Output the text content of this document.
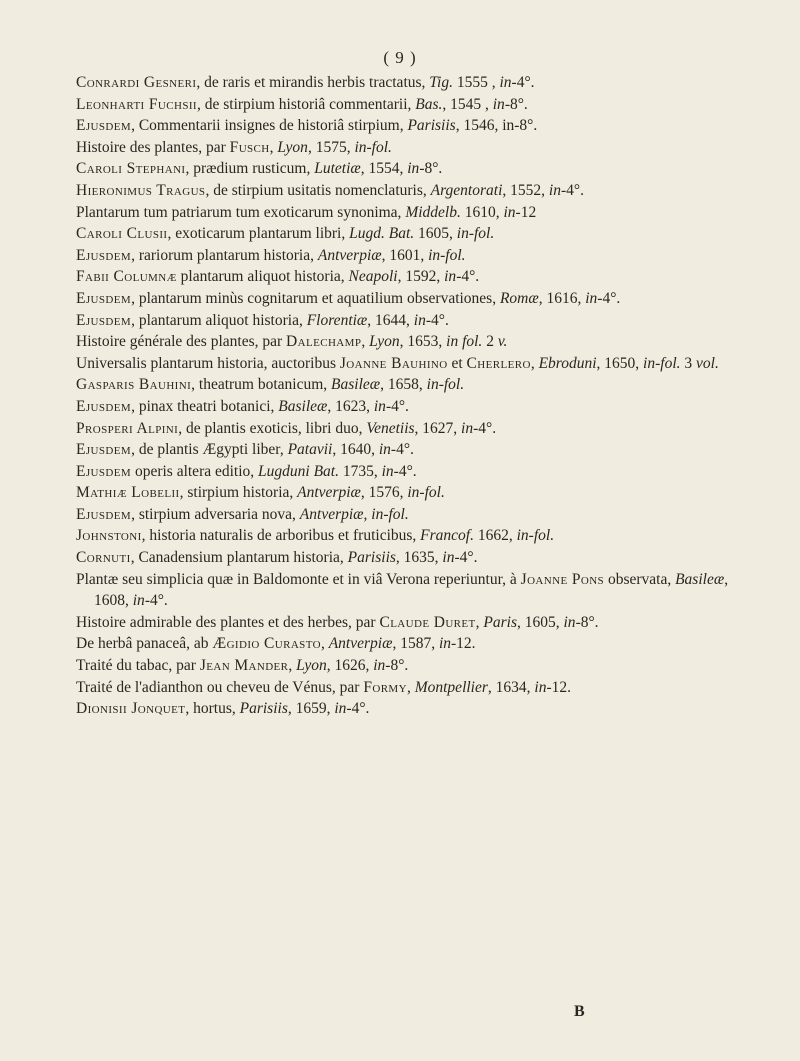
( 9 )

Conrardi Gesneri, de raris et mirandis herbis tractatus, Tig. 1555 , in-4°.

Leonharti Fuchsii, de stirpium historiâ commentarii, Bas., 1545 , in-8°.

Ejusdem, Commentarii insignes de historiâ stirpium, Parisiis, 1546, in-8°.

Histoire des plantes, par Fusch, Lyon, 1575, in-fol.

Caroli Stephani, prædium rusticum, Lutetiæ, 1554, in-8°.

Hieronimus Tragus, de stirpium usitatis nomenclaturis, Argentorati, 1552, in-4°.

Plantarum tum patriarum tum exoticarum synonima, Middelb. 1610, in-12

Caroli Clusii, exoticarum plantarum libri, Lugd. Bat. 1605, in-fol.

Ejusdem, rariorum plantarum historia, Antverpiæ, 1601, in-fol.

Fabii Columnæ plantarum aliquot historia, Neapoli, 1592, in-4°.

Ejusdem, plantarum minùs cognitarum et aquatilium observationes, Romæ, 1616, in-4°.

Ejusdem, plantarum aliquot historia, Florentiæ, 1644, in-4°.

Histoire générale des plantes, par Dalechamp, Lyon, 1653, in fol. 2 v.

Universalis plantarum historia, auctoribus Joanne Bauhino et Cherlero, Ebroduni, 1650, in-fol. 3 vol.

Gasparis Bauhini, theatrum botanicum, Basileæ, 1658, in-fol.

Ejusdem, pinax theatri botanici, Basileæ, 1623, in-4°.

Prosperi Alpini, de plantis exoticis, libri duo, Venetiis, 1627, in-4°.

Ejusdem, de plantis Ægypti liber, Patavii, 1640, in-4°.

Ejusdem operis altera editio, Lugduni Bat. 1735, in-4°.

Mathiæ Lobelii, stirpium historia, Antverpiæ, 1576, in-fol.

Ejusdem, stirpium adversaria nova, Antverpiæ, in-fol.

Johnstoni, historia naturalis de arboribus et fruticibus, Francof. 1662, in-fol.

Cornuti, Canadensium plantarum historia, Parisiis, 1635, in-4°.

Plantæ seu simplicia quæ in Baldomonte et in viâ Verona reperiuntur, à Joanne Pons observata, Basileæ, 1608, in-4°.

Histoire admirable des plantes et des herbes, par Claude Duret, Paris, 1605, in-8°.

De herbâ panaceâ, ab Ægidio Curasto, Antverpiæ, 1587, in-12.

Traité du tabac, par Jean Mander, Lyon, 1626, in-8°.

Traité de l'adianthon ou cheveu de Vénus, par Formy, Montpellier, 1634, in-12.

Dionisii Jonquet, hortus, Parisiis, 1659, in-4°.

B
